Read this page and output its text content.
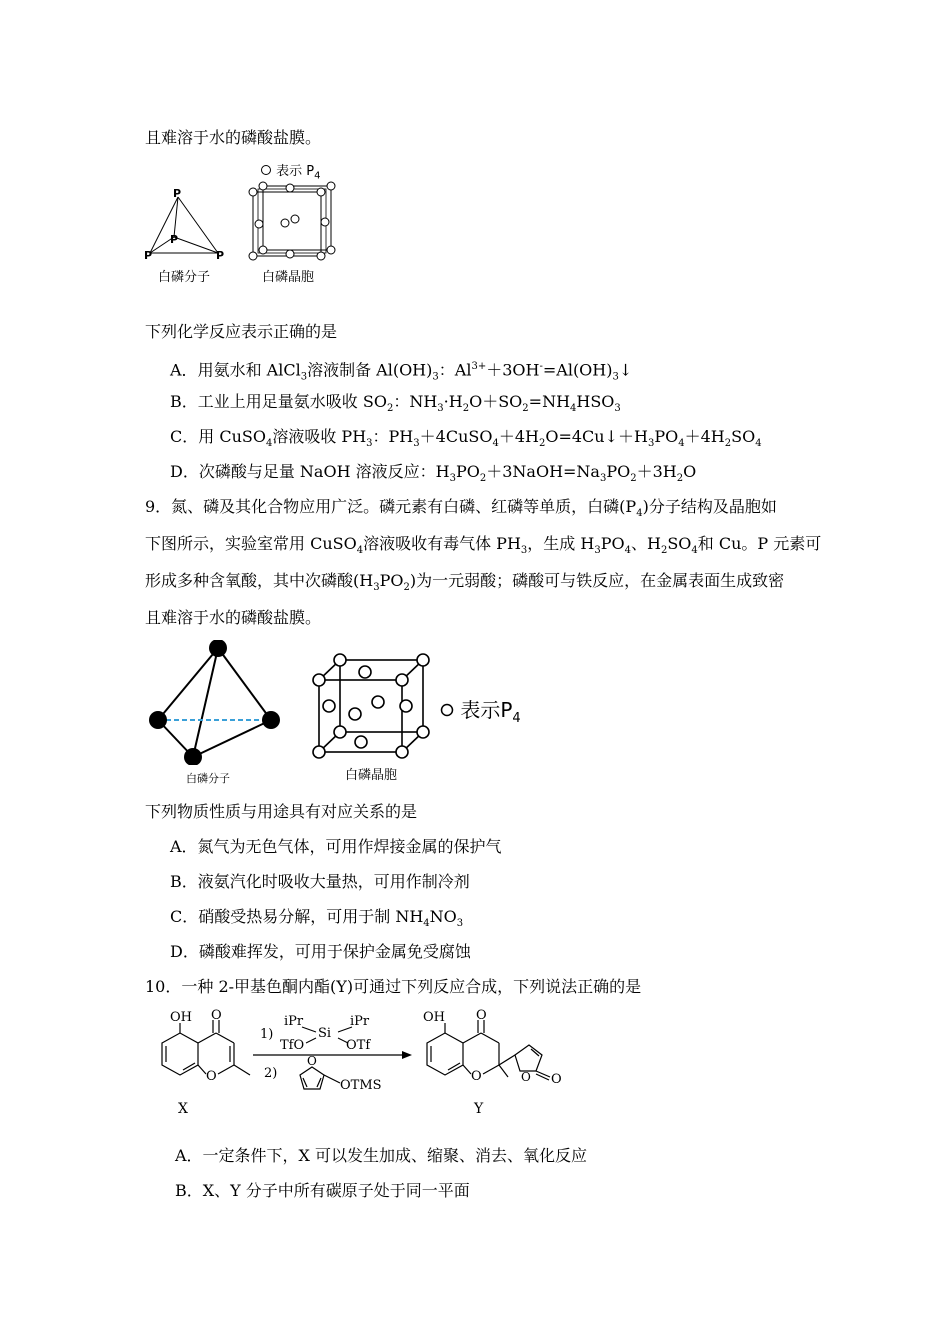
且难溶于水的磷酸盐膜。
P
P	P
P
白磷分子
表示 $P_4$
白磷晶胞
下列化学反应表示正确的是
A．用氨水和 AlCl$_3$溶液制备 $Al(OH)_3$：$Al^{3+}+3OH^-=Al(OH)_3↓$
B．工业上用足量氨水吸收 $SO_2$：$NH_3\cdot H_2O+SO_2=NH_4HSO_3$
C．用 CuSO$_4$溶液吸收 $PH_3$：$PH_3+4CuSO_4+4H_2O=4Cu↓+H_3PO_4+4H_2SO_4$
D．次磷酸与足量 NaOH 溶液反应：$H_3PO_2+3NaOH=Na_3PO_2+3H_2O$
9．氮、磷及其化合物应用广泛。磷元素有白磷、红磷等单质，白磷$(P_4)$分子结构及晶胞如
下图所示，实验室常用 CuSO$_4$溶液吸收有毒气体 $PH_3$，生成 $H_3PO_4$、$H_2SO_4$和 Cu。P 元素可
形成多种含氧酸，其中次磷酸$(H_3PO_2)$为一元弱酸；磷酸可与铁反应，在金属表面生成致密
且难溶于水的磷酸盐膜。
白磷分子	白磷晶胞
表示$P_4$
下列物质性质与用途具有对应关系的是
A．氮气为无色气体，可用作焊接金属的保护气
B．液氨汽化时吸收大量热，可用作制冷剂
C．硝酸受热易分解，可用于制 $NH_4NO_3$
D．磷酸难挥发，可用于保护金属免受腐蚀
10．一种 2-甲基色酮内酯(Y)可通过下列反应合成，下列说法正确的是
OH O
O
X
1)
iPr	iPr
Si
TfO	OTf
2)
O
OTMS
OH O
O	O O
Y
A．一定条件下，X 可以发生加成、缩聚、消去、氧化反应
B．X、Y 分子中所有碳原子处于同一平面
